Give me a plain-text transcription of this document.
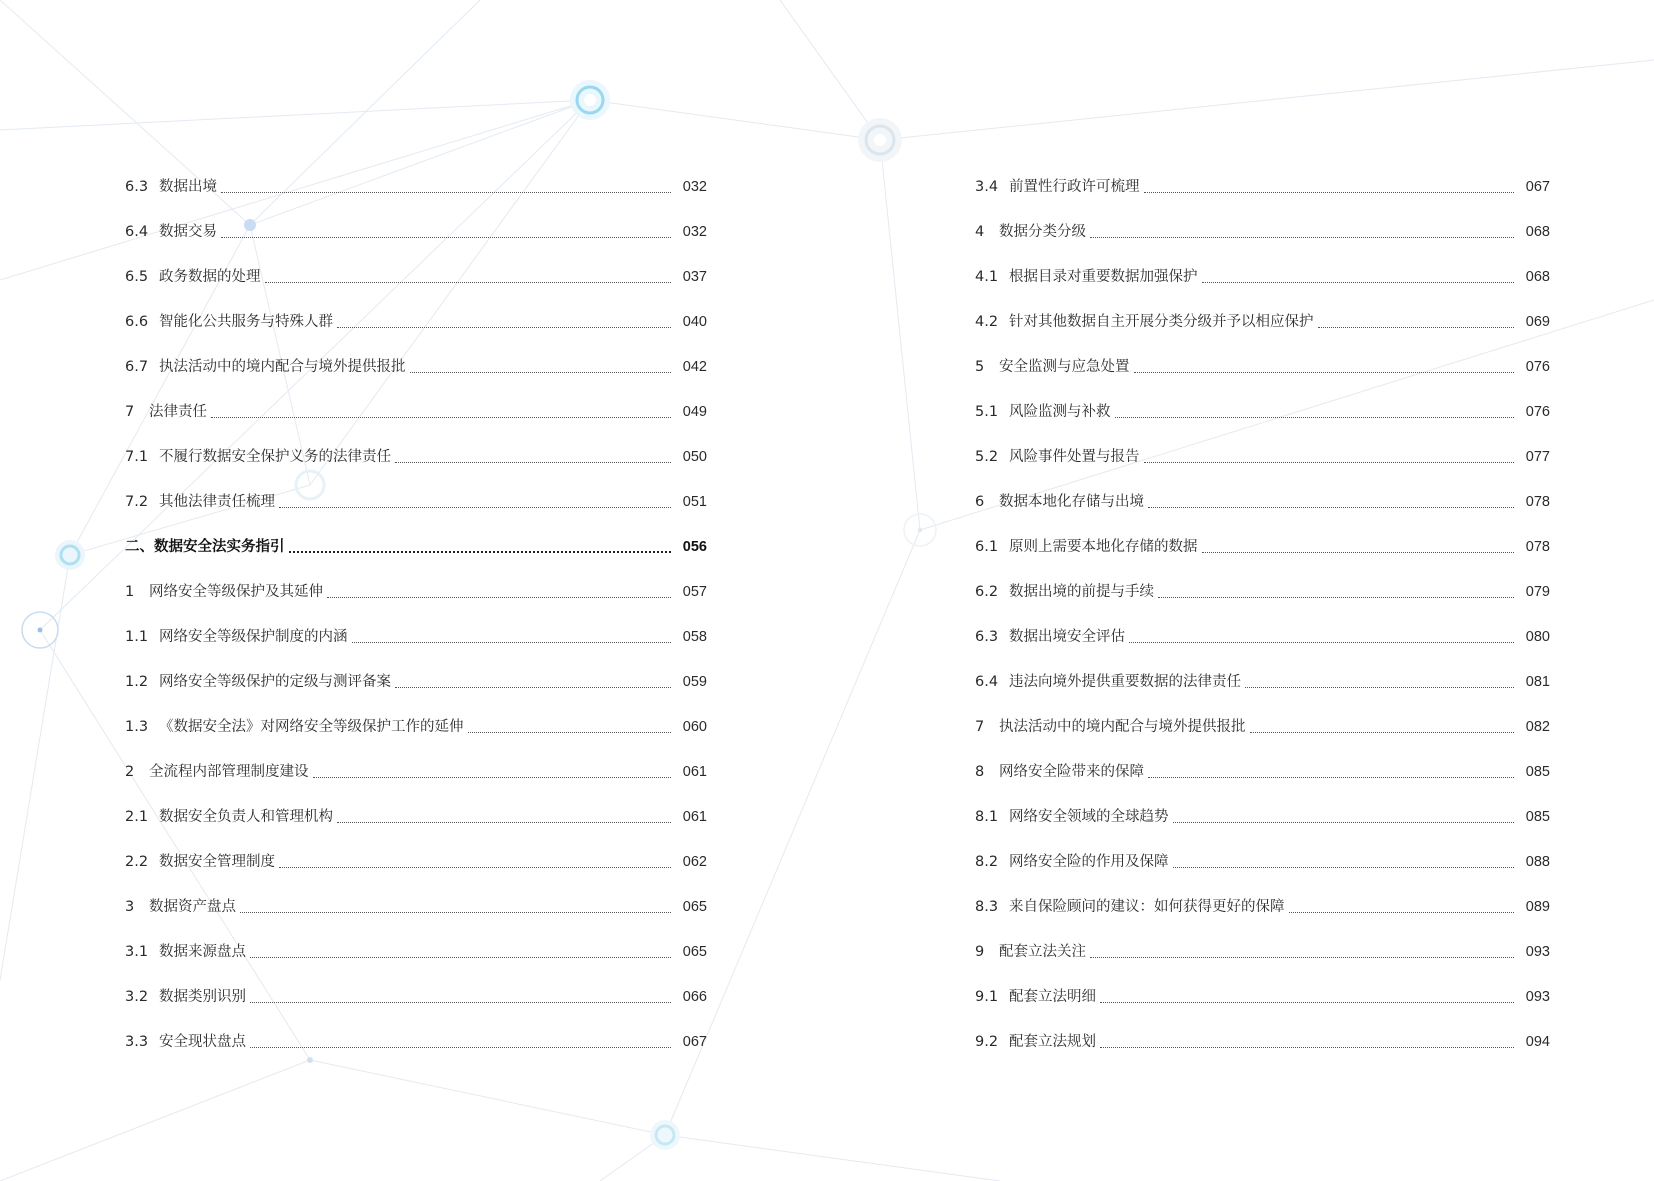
6.3 数据出境	032
6.4 数据交易	032
6.5 政务数据的处理	037
6.6 智能化公共服务与特殊人群	040
6.7 执法活动中的境内配合与境外提供报批	042
7	法律责任	049
7.1 不履行数据安全保护义务的法律责任	050
7.2 其他法律责任梳理	051
二、数据安全法实务指引	056
1	网络安全等级保护及其延伸	057
1.1 网络安全等级保护制度的内涵	058
1.2 网络安全等级保护的定级与测评备案	059
1.3 《数据安全法》对网络安全等级保护工作的延伸	060
2	全流程内部管理制度建设	061
2.1 数据安全负责人和管理机构	061
2.2 数据安全管理制度	062
3	数据资产盘点	065
3.1 数据来源盘点	065
3.2 数据类别识别	066
3.3 安全现状盘点	067
3.4 前置性行政许可梳理	067
4	数据分类分级	068
4.1 根据目录对重要数据加强保护	068
4.2 针对其他数据自主开展分类分级并予以相应保护	069
5	安全监测与应急处置	076
5.1 风险监测与补救	076
5.2 风险事件处置与报告	077
6	数据本地化存储与出境	078
6.1 原则上需要本地化存储的数据	078
6.2 数据出境的前提与手续	079
6.3 数据出境安全评估	080
6.4 违法向境外提供重要数据的法律责任	081
7	执法活动中的境内配合与境外提供报批	082
8	网络安全险带来的保障	085
8.1 网络安全领域的全球趋势	085
8.2 网络安全险的作用及保障	088
8.3 来自保险顾问的建议：如何获得更好的保障	089
9	配套立法关注	093
9.1 配套立法明细	093
9.2 配套立法规划	094
